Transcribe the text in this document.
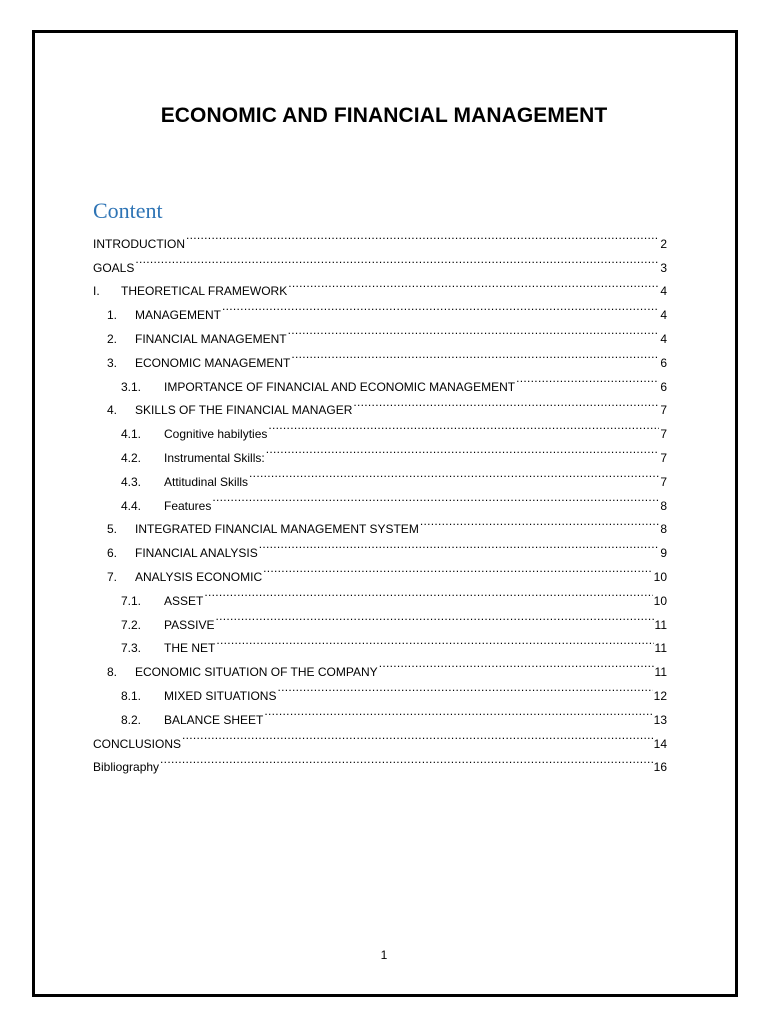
ECONOMIC AND FINANCIAL MANAGEMENT
Content
INTRODUCTION .....	2
GOALS .....	3
I.	THEORETICAL FRAMEWORK .....	4
1.	MANAGEMENT .....	4
2.	FINANCIAL MANAGEMENT .....	4
3.	ECONOMIC MANAGEMENT .....	6
3.1.	IMPORTANCE OF FINANCIAL AND ECONOMIC MANAGEMENT .....	6
4.	SKILLS OF THE FINANCIAL MANAGER .....	7
4.1.	Cognitive habilyties .....	7
4.2.	Instrumental Skills: .....	7
4.3.	Attitudinal Skills .....	7
4.4.	Features .....	8
5.	INTEGRATED FINANCIAL MANAGEMENT SYSTEM .....	8
6.	FINANCIAL ANALYSIS .....	9
7.	ANALYSIS ECONOMIC .....	10
7.1.	ASSET .....	10
7.2.	PASSIVE .....	11
7.3.	THE NET .....	11
8.	ECONOMIC SITUATION OF THE COMPANY .....	11
8.1.	MIXED SITUATIONS .....	12
8.2.	BALANCE SHEET .....	13
CONCLUSIONS .....	14
Bibliography .....	16
1
